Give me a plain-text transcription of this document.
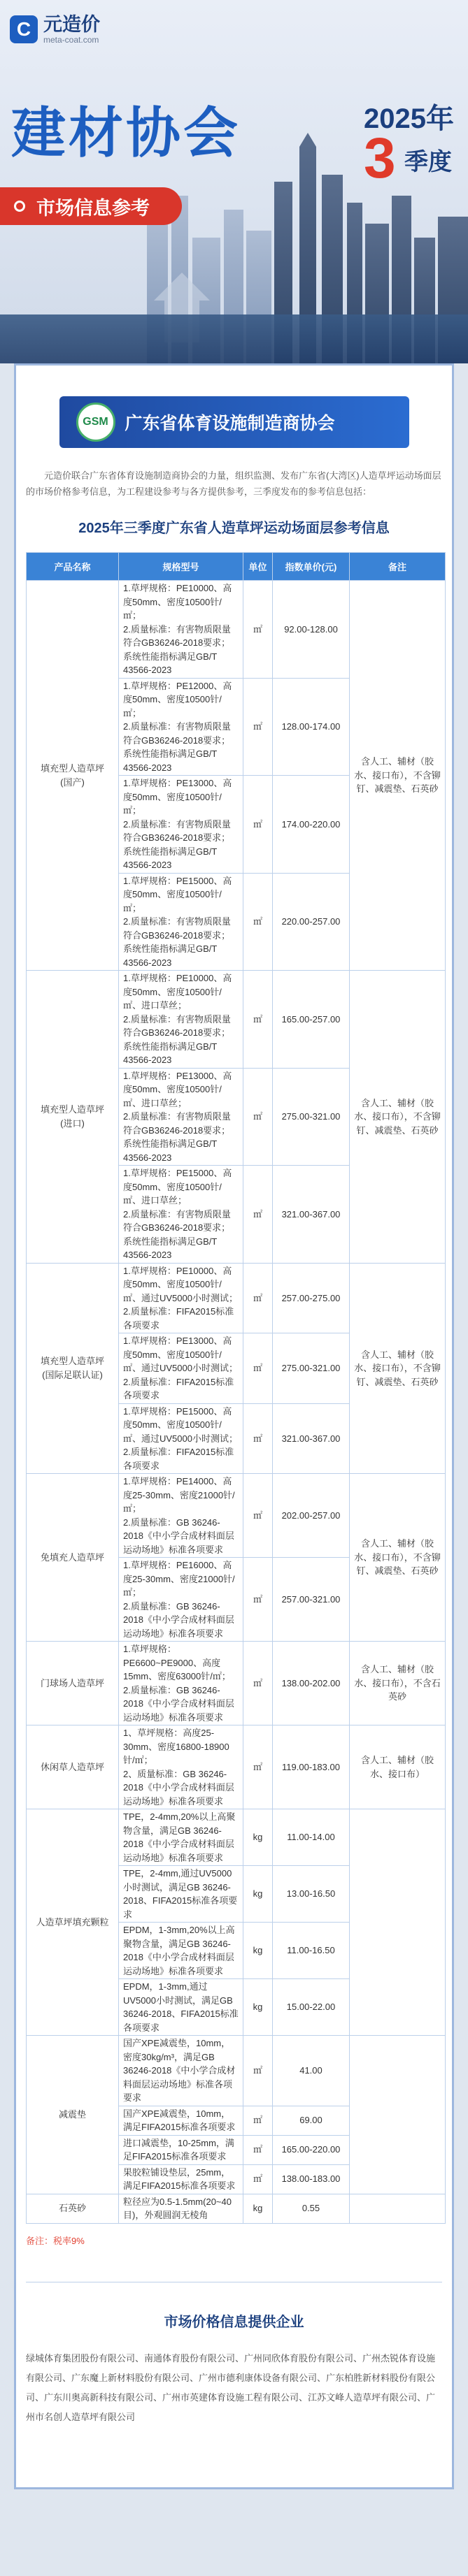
C 元造价
meta-coat.com
建材协会	2025年
3 季度
市场信息参考
GSM 广东省体育设施制造商协会

元造价联合广东省体育设施制造商协会的力量，组织监测、发布广东省(大湾区)人造草坪运动场面层的市场价格参考信息，为工程建设参考与各方提供参考，三季度发布的参考信息包括：

2025年三季度广东省人造草坪运动场面层参考信息
产品名称	规格型号	单位	指数单价(元)	备注
填充型人造草坪
(国产)	1.草坪规格：PE10000、高度50mm、密度10500针/㎡；
2.质量标准：有害物质限量符合GB36246-2018要求；系统性能指标满足GB/T 43566-2023	㎡	92.00-128.00	含人工、辅材（胶水、接口布），不含铆钉、减震垫、石英砂
	1.草坪规格：PE12000、高度50mm、密度10500针/㎡；
2.质量标准：有害物质限量符合GB36246-2018要求；系统性能指标满足GB/T 43566-2023	㎡	128.00-174.00	
	1.草坪规格：PE13000、高度50mm、密度10500针/㎡；
2.质量标准：有害物质限量符合GB36246-2018要求；系统性能指标满足GB/T 43566-2023	㎡	174.00-220.00	
	1.草坪规格：PE15000、高度50mm、密度10500针/㎡；
2.质量标准：有害物质限量符合GB36246-2018要求；系统性能指标满足GB/T 43566-2023	㎡	220.00-257.00	
填充型人造草坪
(进口)	1.草坪规格：PE10000、高度50mm、密度10500针/㎡、进口草丝；
2.质量标准：有害物质限量符合GB36246-2018要求；系统性能指标满足GB/T 43566-2023	㎡	165.00-257.00	含人工、辅材（胶水、接口布），不含铆钉、减震垫、石英砂
	1.草坪规格：PE13000、高度50mm、密度10500针/㎡、进口草丝；
2.质量标准：有害物质限量符合GB36246-2018要求；系统性能指标满足GB/T 43566-2023	㎡	275.00-321.00	
	1.草坪规格：PE15000、高度50mm、密度10500针/㎡、进口草丝；
2.质量标准：有害物质限量符合GB36246-2018要求；系统性能指标满足GB/T 43566-2023	㎡	321.00-367.00	
填充型人造草坪
(国际足联认证)	1.草坪规格：PE10000、高度50mm、密度10500针/㎡、通过UV5000小时测试；
2.质量标准：FIFA2015标准各项要求	㎡	257.00-275.00	含人工、辅材（胶水、接口布），不含铆钉、减震垫、石英砂
	1.草坪规格：PE13000、高度50mm、密度10500针/㎡、通过UV5000小时测试；
2.质量标准：FIFA2015标准各项要求	㎡	275.00-321.00	
	1.草坪规格：PE15000、高度50mm、密度10500针/㎡、通过UV5000小时测试；
2.质量标准：FIFA2015标准各项要求	㎡	321.00-367.00	
免填充人造草坪	1.草坪规格：PE14000、高度25-30mm、密度21000针/㎡；
2.质量标准：GB 36246-2018《中小学合成材料面层运动场地》标准各项要求	㎡	202.00-257.00	含人工、辅材（胶水、接口布），不含铆钉、减震垫、石英砂
	1.草坪规格：PE16000、高度25-30mm、密度21000针/㎡；
2.质量标准：GB 36246-2018《中小学合成材料面层运动场地》标准各项要求	㎡	257.00-321.00	
门球场人造草坪	1.草坪规格：PE6600~PE9000、高度15mm、密度63000针/㎡；
2.质量标准：GB 36246-2018《中小学合成材料面层运动场地》标准各项要求	㎡	138.00-202.00	含人工、辅材（胶水、接口布），不含石英砂
休闲草人造草坪	1、草坪规格：高度25-30mm、密度16800-18900针/㎡；
2、质量标准：GB 36246-2018《中小学合成材料面层运动场地》标准各项要求	㎡	119.00-183.00	含人工、辅材（胶水、接口布）
人造草坪填充颗粒	TPE，2-4mm,20%以上高聚物含量，满足GB 36246-2018《中小学合成材料面层运动场地》标准各项要求	kg	11.00-14.00	
	TPE，2-4mm,通过UV5000小时测试，满足GB 36246-2018、FIFA2015标准各项要求	kg	13.00-16.50	
	EPDM，1-3mm,20%以上高聚物含量，满足GB 36246-2018《中小学合成材料面层运动场地》标准各项要求	kg	11.00-16.50	
	EPDM，1-3mm,通过UV5000小时测试，满足GB 36246-2018、FIFA2015标准各项要求	kg	15.00-22.00	
减震垫	国产XPE减震垫，10mm，密度30kg/m³，满足GB 36246-2018《中小学合成材料面层运动场地》标准各项要求	㎡	41.00	
	国产XPE减震垫，10mm，满足FIFA2015标准各项要求	㎡	69.00	
	进口减震垫，10-25mm，满足FIFA2015标准各项要求	㎡	165.00-220.00	
	果胶粒铺设垫层，25mm，满足FIFA2015标准各项要求	㎡	138.00-183.00	
石英砂	粒径应为0.5-1.5mm(20~40目)，外观圆润无棱角	kg	0.55	
备注：税率9%
市场价格信息提供企业

绿城体育集团股份有限公司、南通体育股份有限公司、广州同欣体育股份有限公司、广州杰锐体育设施有限公司、广东魔上新材料股份有限公司、广州市德利康体设备有限公司、广东柏胜新材料股份有限公司、广东川奥高新科技有限公司、广州市英建体育设施工程有限公司、江苏文峰人造草坪有限公司、广州市名创人造草坪有限公司
